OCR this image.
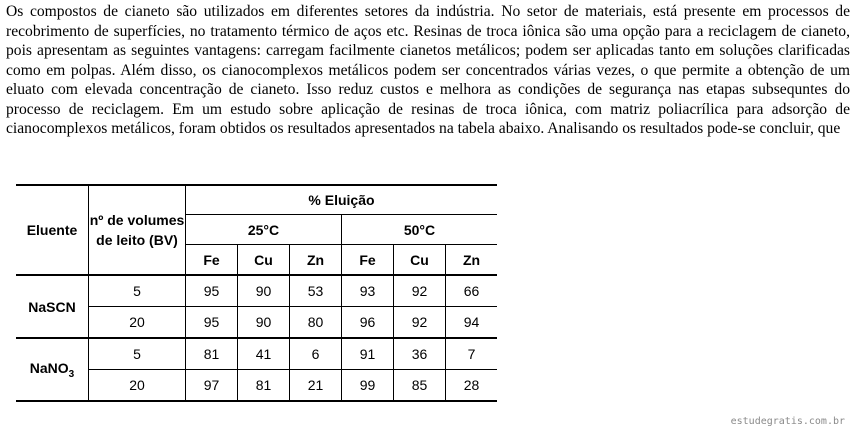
Os compostos de cianeto são utilizados em diferentes setores da indústria. No setor de materiais, está presente em processos de recobrimento de superfícies, no tratamento térmico de aços etc. Resinas de troca iônica são uma opção para a reciclagem de cianeto, pois apresentam as seguintes vantagens: carregam facilmente cianetos metálicos; podem ser aplicadas tanto em soluções clarificadas como em polpas. Além disso, os cianocomplexos metálicos podem ser concentrados várias vezes, o que permite a obtenção de um eluato com elevada concentração de cianeto. Isso reduz custos e melhora as condições de segurança nas etapas subsequntes do processo de reciclagem. Em um estudo sobre aplicação de resinas de troca iônica, com matriz poliacrílica para adsorção de cianocomplexos metálicos, foram obtidos os resultados apresentados na tabela abaixo. Analisando os resultados pode-se concluir, que

Eluente	nº de volumes de leito (BV)	% Eluição					
		25°C			50°C		
		Fe	Cu	Zn	Fe	Cu	Zn
NaSCN	5	95	90	53	93	92	66
	20	95	90	80	96	92	94
NaNO$_3$	5	81	41	6	91	36	7
	20	97	81	21	99	85	28
estudegratis.com.br
